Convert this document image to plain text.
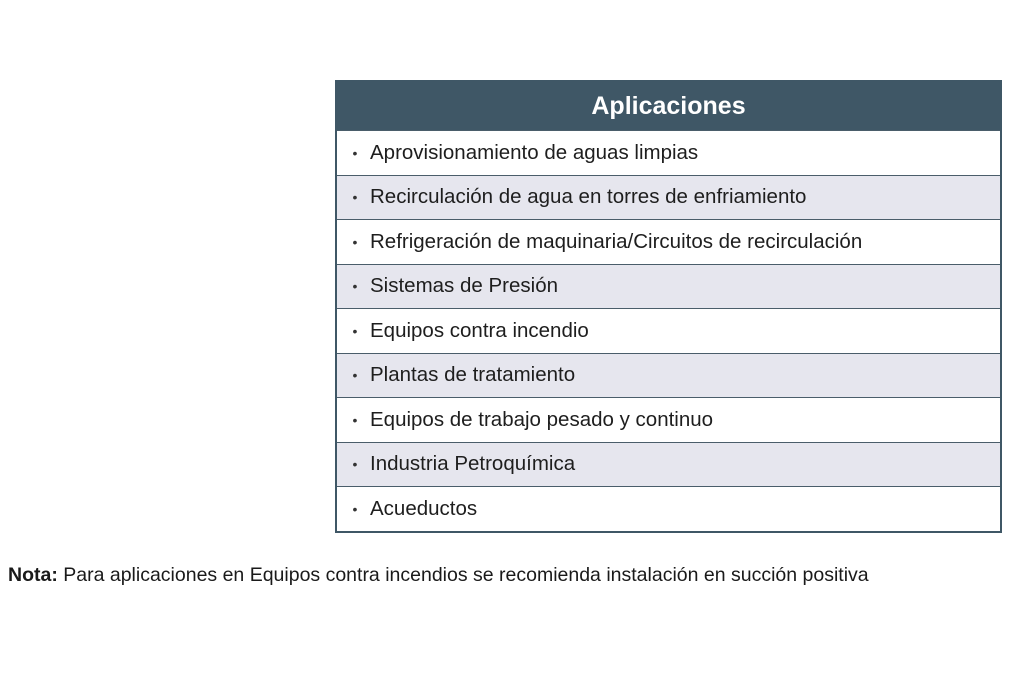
Aplicaciones
• Aprovisionamiento de aguas limpias
• Recirculación de agua en torres de enfriamiento
• Refrigeración de maquinaria/Circuitos de recirculación
• Sistemas de Presión
• Equipos contra incendio
• Plantas de tratamiento
• Equipos de trabajo pesado y continuo
• Industria Petroquímica
• Acueductos
Nota: Para aplicaciones en Equipos contra incendios se recomienda instalación en succión positiva
